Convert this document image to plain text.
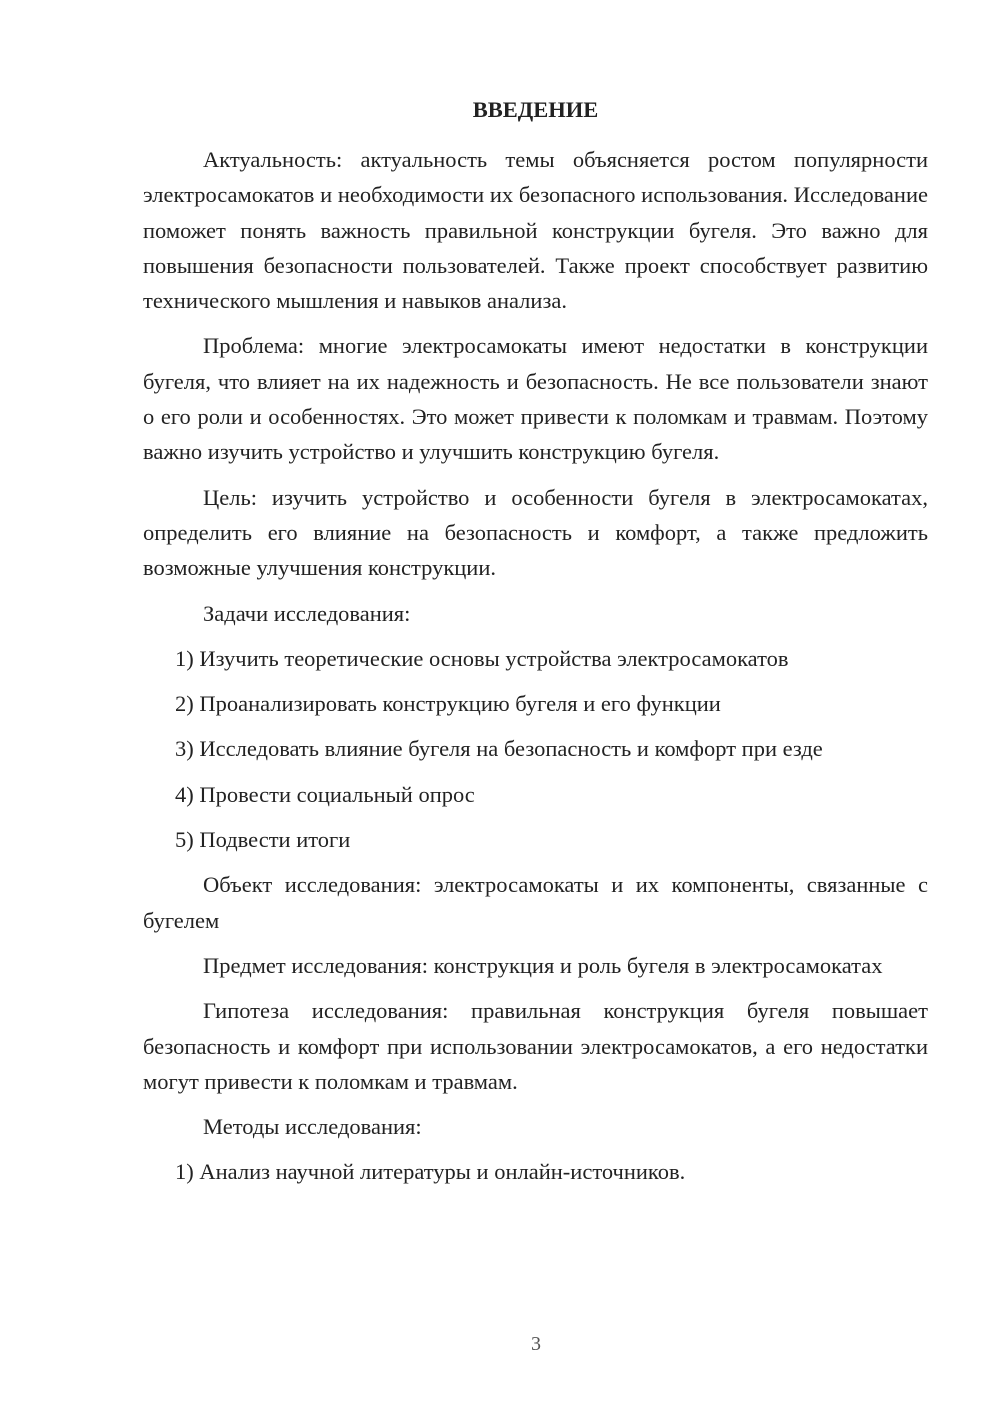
ВВЕДЕНИЕ

Актуальность: актуальность темы объясняется ростом популярности электросамокатов и необходимости их безопасного использования. Исследование поможет понять важность правильной конструкции бугеля. Это важно для повышения безопасности пользователей. Также проект способствует развитию технического мышления и навыков анализа.

Проблема: многие электросамокаты имеют недостатки в конструкции бугеля, что влияет на их надежность и безопасность. Не все пользователи знают о его роли и особенностях. Это может привести к поломкам и травмам. Поэтому важно изучить устройство и улучшить конструкцию бугеля.

Цель: изучить устройство и особенности бугеля в электросамокатах, определить его влияние на безопасность и комфорт, а также предложить возможные улучшения конструкции.

Задачи исследования:

1) Изучить теоретические основы устройства электросамокатов

2) Проанализировать конструкцию бугеля и его функции

3) Исследовать влияние бугеля на безопасность и комфорт при езде

4) Провести социальный опрос

5) Подвести итоги

Объект исследования: электросамокаты и их компоненты, связанные с бугелем

Предмет исследования: конструкция и роль бугеля в электросамокатах

Гипотеза исследования: правильная конструкция бугеля повышает безопасность и комфорт при использовании электросамокатов, а его недостатки могут привести к поломкам и травмам.

Методы исследования:

1) Анализ научной литературы и онлайн-источников.

3
